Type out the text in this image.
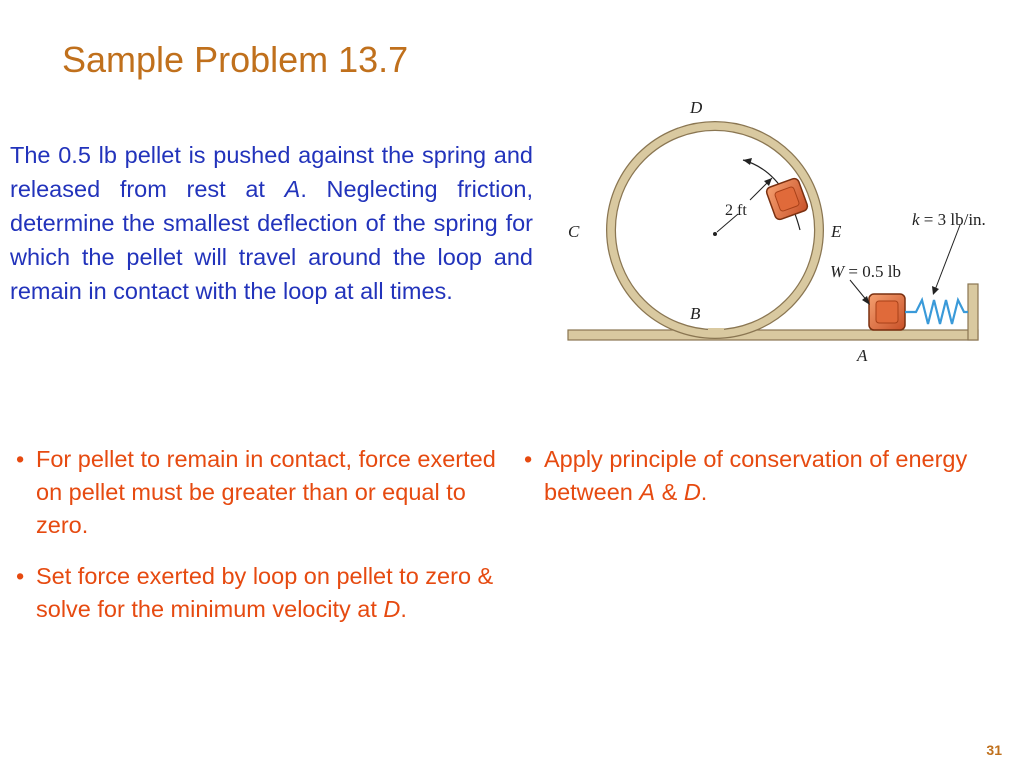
Sample Problem 13.7

The 0.5 lb pellet is pushed against the spring and released from rest at A. Neglecting friction, determine the smallest deflection of the spring for which the pellet will travel around the loop and remain in contact with the loop at all times.

2 ft
D
C	E
B
A
k = 3 lb/in.
W = 0.5 lb
• For pellet to remain in contact, force exerted on pellet must be greater than or equal to zero.
• Set force exerted by loop on pellet to zero & solve for the minimum velocity at D.
• Apply principle of conservation of energy between A & D.
31
